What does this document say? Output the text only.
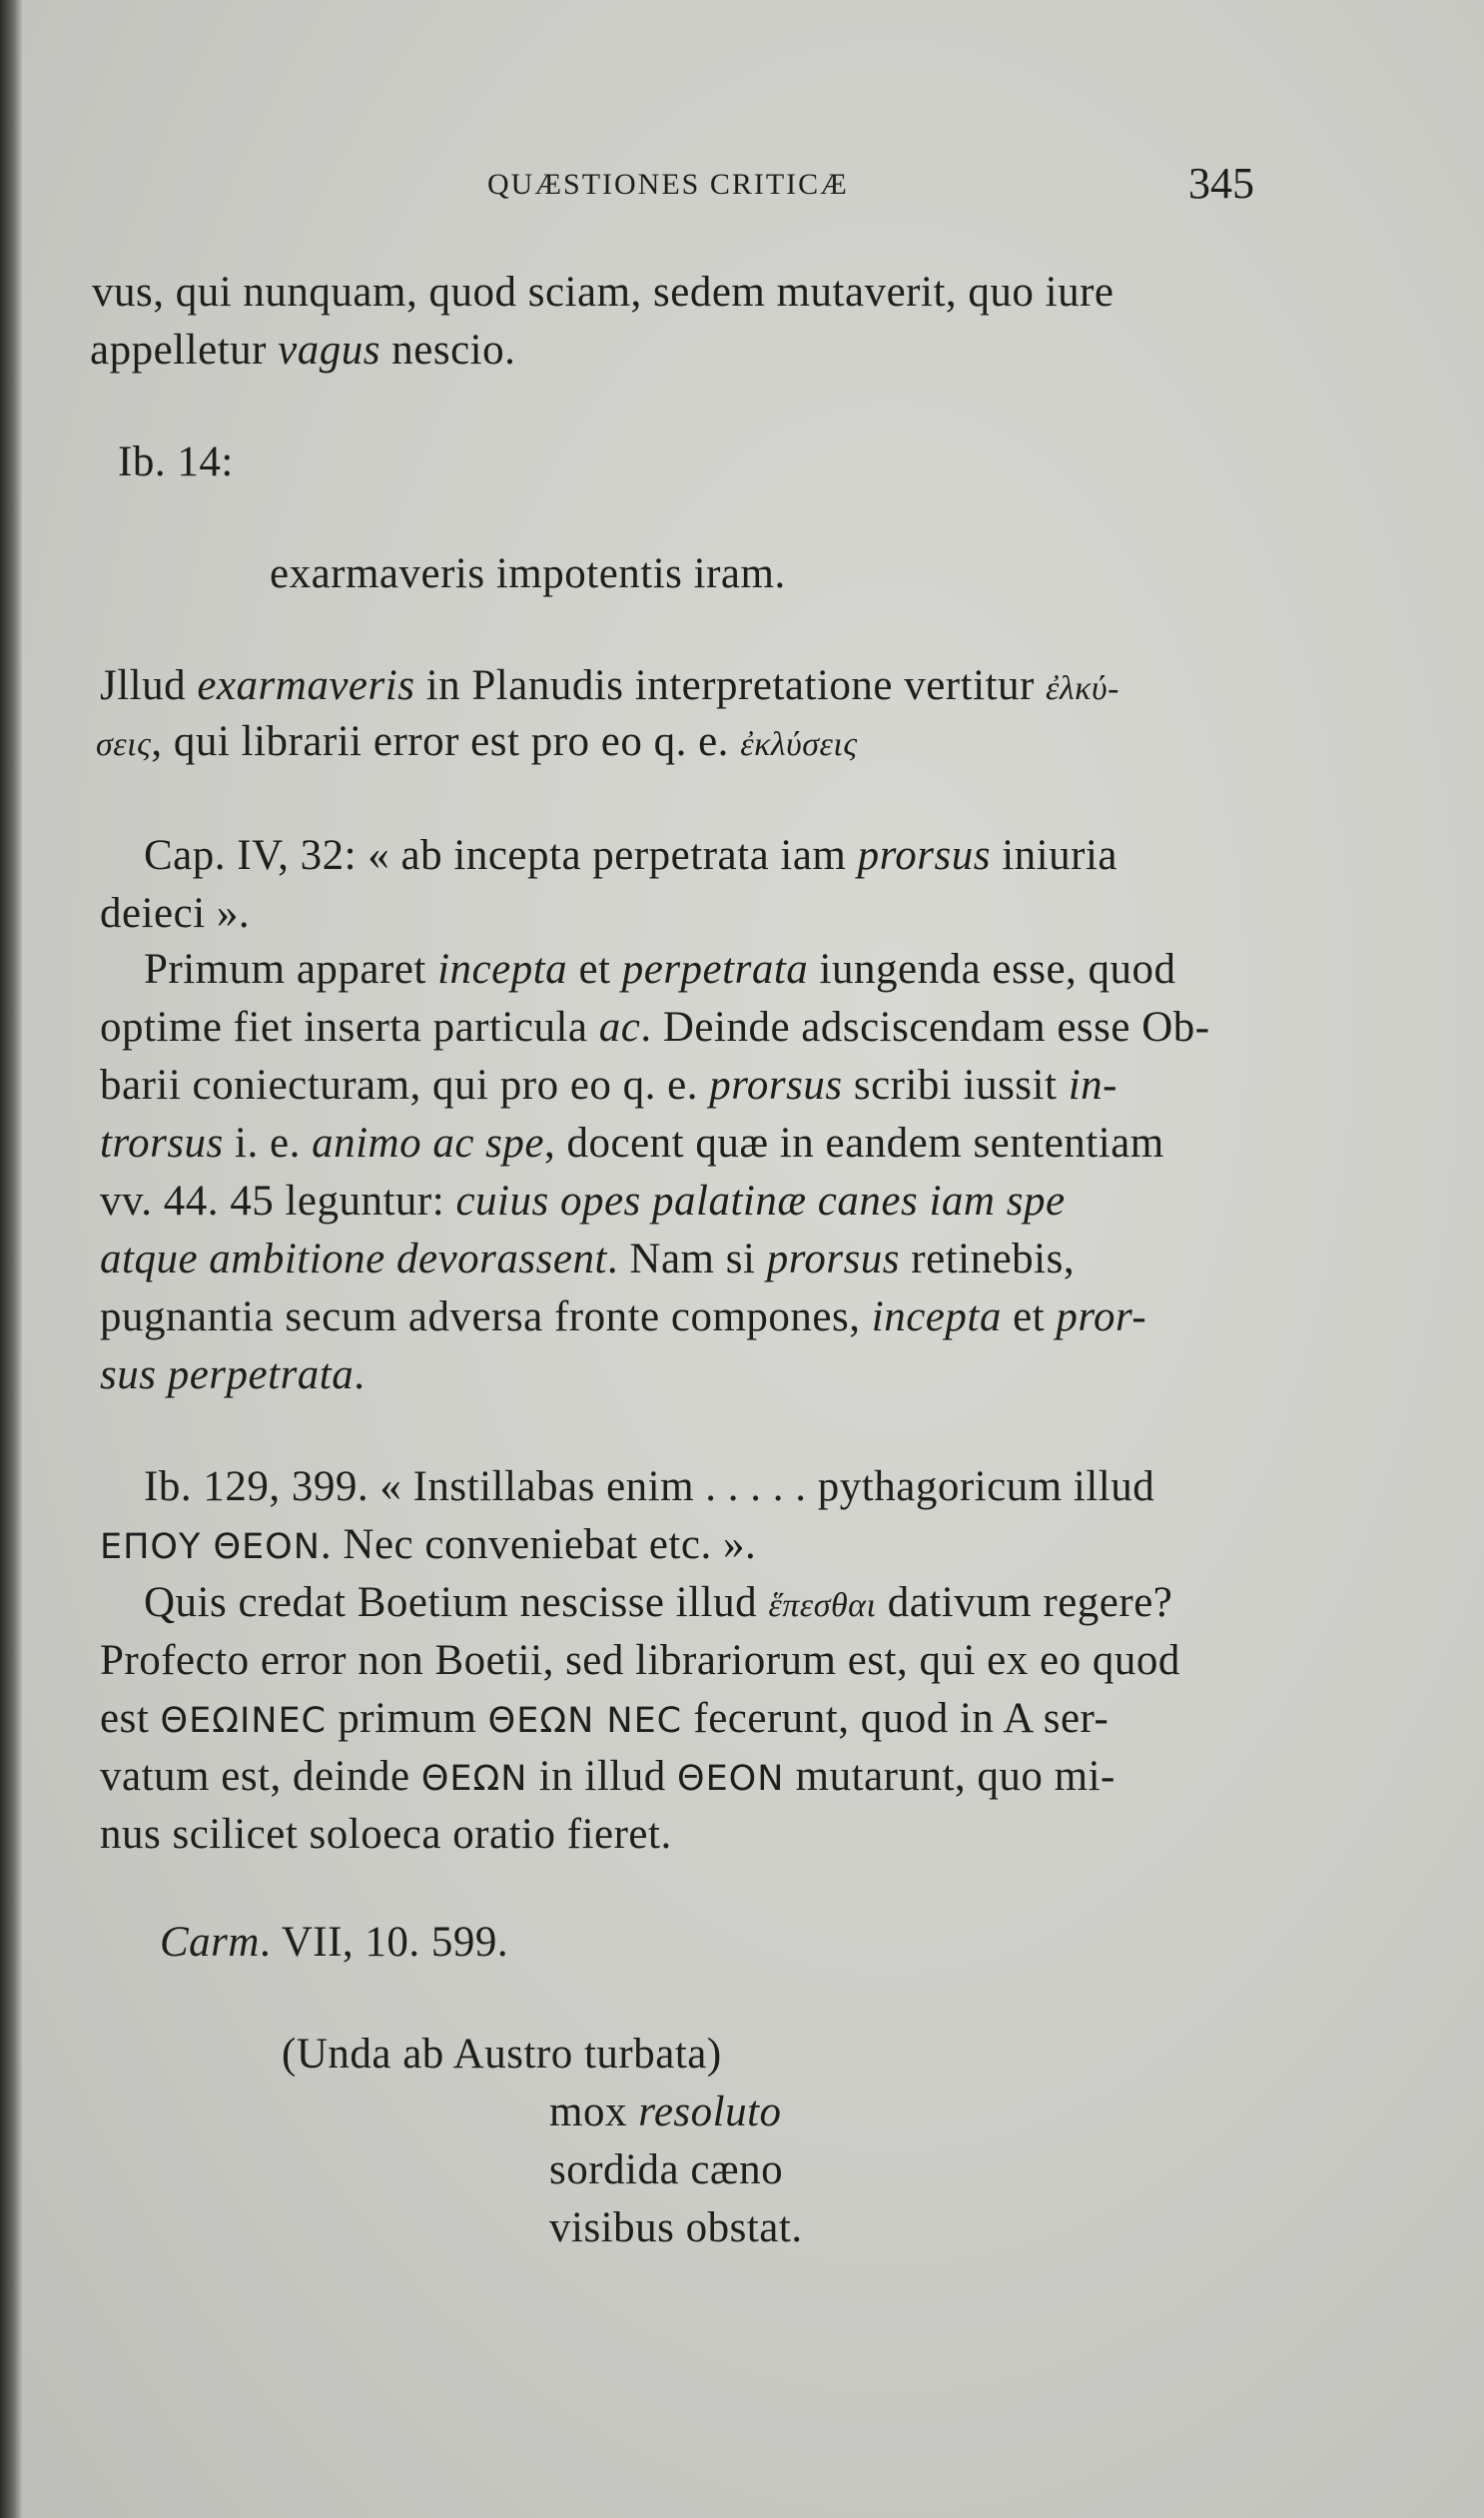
QUÆSTIONES CRITICÆ	345
vus, qui nunquam, quod sciam, sedem mutaverit, quo iure
appelletur vagus nescio.
Ib. 14:
exarmaveris impotentis iram.
Jllud exarmaveris in Planudis interpretatione vertitur ἐλκύ-
σεις, qui librarii error est pro eo q. e. ἐκλύσεις
Cap. IV, 32: « ab incepta perpetrata iam prorsus iniuria
deieci ».
Primum apparet incepta et perpetrata iungenda esse, quod
optime fiet inserta particula ac. Deinde adsciscendam esse Ob-
barii coniecturam, qui pro eo q. e. prorsus scribi iussit in-
trorsus i. e. animo ac spe, docent quæ in eandem sententiam
vv. 44. 45 leguntur: cuius opes palatinæ canes iam spe
atque ambitione devorassent. Nam si prorsus retinebis,
pugnantia secum adversa fronte compones, incepta et pror-
sus perpetrata.
Ib. 129, 399. « Instillabas enim . . . . . pythagoricum illud
ΕΠΟΥ ΘΕΟΝ. Nec conveniebat etc. ».
Quis credat Boetium nescisse illud ἕπεσθαι dativum regere?
Profecto error non Boetii, sed librariorum est, qui ex eo quod
est ΘΕΩΙΝΕC primum ΘΕΩΝ ΝΕC fecerunt, quod in A ser-
vatum est, deinde ΘΕΩΝ in illud ΘΕΟΝ mutarunt, quo mi-
nus scilicet soloeca oratio fieret.
Carm. VII, 10. 599.
(Unda ab Austro turbata)
mox resoluto
sordida cæno
visibus obstat.
